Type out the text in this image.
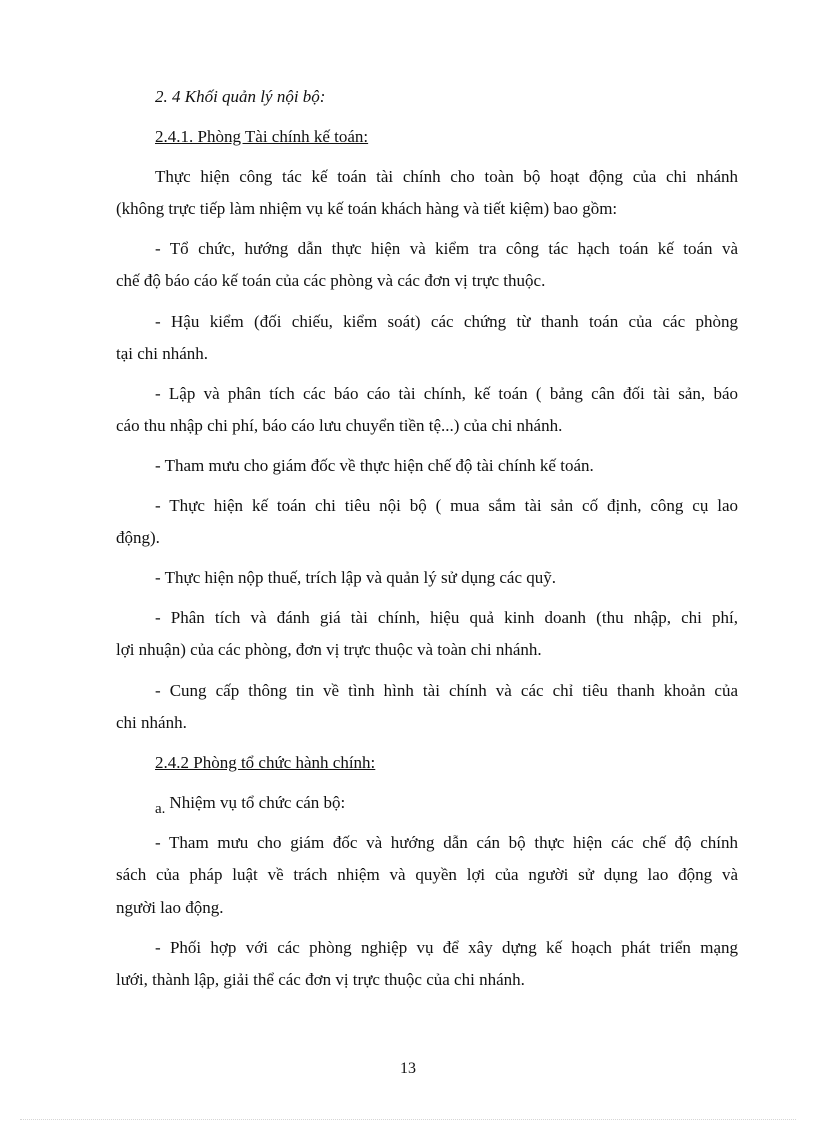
2. 4 Khối quản lý nội bộ:
2.4.1. Phòng Tài chính kế toán:
Thực hiện công tác kế toán tài chính cho toàn bộ hoạt động của chi nhánh
(không trực tiếp làm nhiệm vụ kế toán khách hàng và tiết kiệm) bao gồm:
- Tổ chức, hướng dẫn thực hiện và kiểm tra công tác hạch toán kế toán và
chế độ báo cáo kế toán của các phòng và các đơn vị trực thuộc.
- Hậu kiểm (đối chiếu, kiểm soát) các chứng từ thanh toán của các phòng
tại chi nhánh.
- Lập và phân tích các báo cáo tài chính, kế toán ( bảng cân đối tài sản, báo
cáo thu nhập chi phí, báo cáo lưu chuyển tiền tệ...) của chi nhánh.
- Tham mưu cho giám đốc về thực hiện chế độ tài chính kế toán.
- Thực hiện kế toán chi tiêu nội bộ ( mua sắm tài sản cố định, công cụ lao
động).
- Thực hiện nộp thuế, trích lập và quản lý sử dụng các quỹ.
- Phân tích và đánh giá tài chính, hiệu quả kinh doanh (thu nhập, chi phí,
lợi nhuận) của các phòng, đơn vị trực thuộc và toàn chi nhánh.
- Cung cấp thông tin về tình hình tài chính và các chỉ tiêu thanh khoản của
chi nhánh.
2.4.2 Phòng tổ chức hành chính:
a. Nhiệm vụ tổ chức cán bộ:
- Tham mưu cho giám đốc và hướng dẫn cán bộ thực hiện các chế độ chính
sách của pháp luật về trách nhiệm và quyền lợi của người sử dụng lao động và
người lao động.
- Phối hợp với các phòng nghiệp vụ để xây dựng kế hoạch phát triển mạng
lưới, thành lập, giải thể các đơn vị trực thuộc của chi nhánh.
13
